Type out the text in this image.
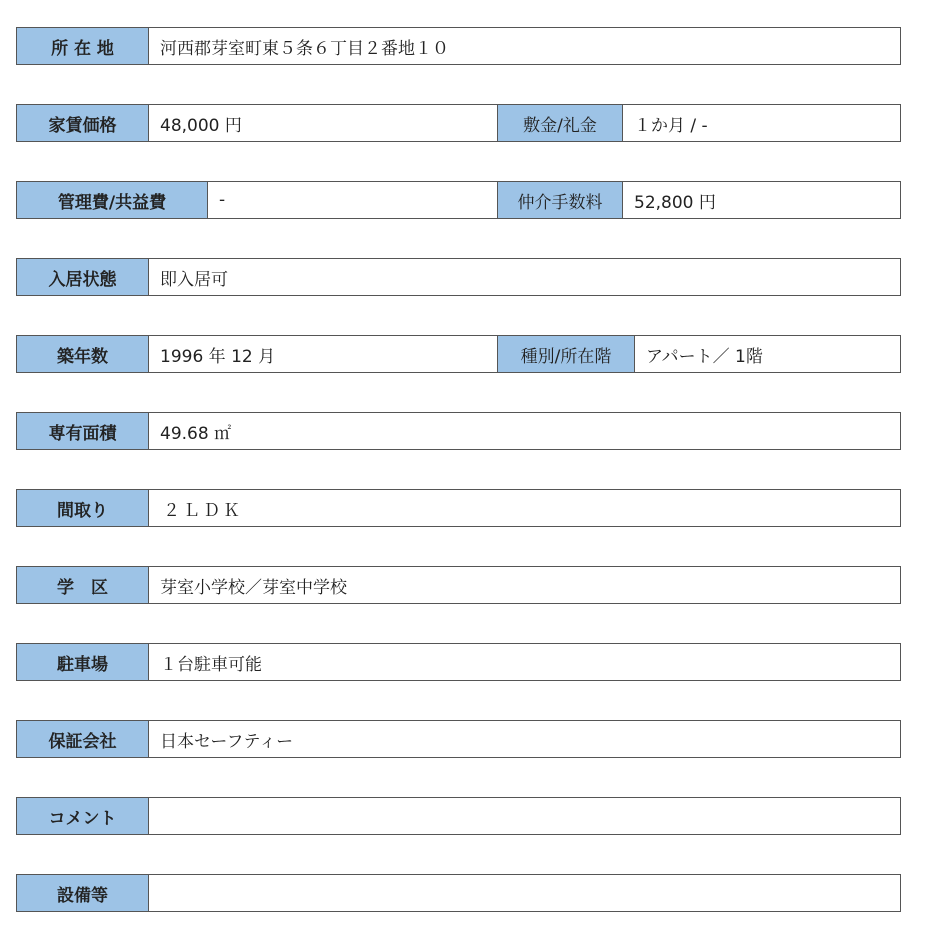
所 在 地	河西郡芽室町東５条６丁目２番地１０
家賃価格	48,000 円	敷金/礼金	１か月 / -
管理費/共益費	-	仲介手数料	52,800 円
入居状態	即入居可
築年数	1996 年 12 月	種別/所在階	アパート／ 1階
専有面積	49.68 ㎡
間取り	２ＬＤＫ
学　区	芽室小学校／芽室中学校
駐車場	１台駐車可能
保証会社	日本セーフティー
コメント
設備等
